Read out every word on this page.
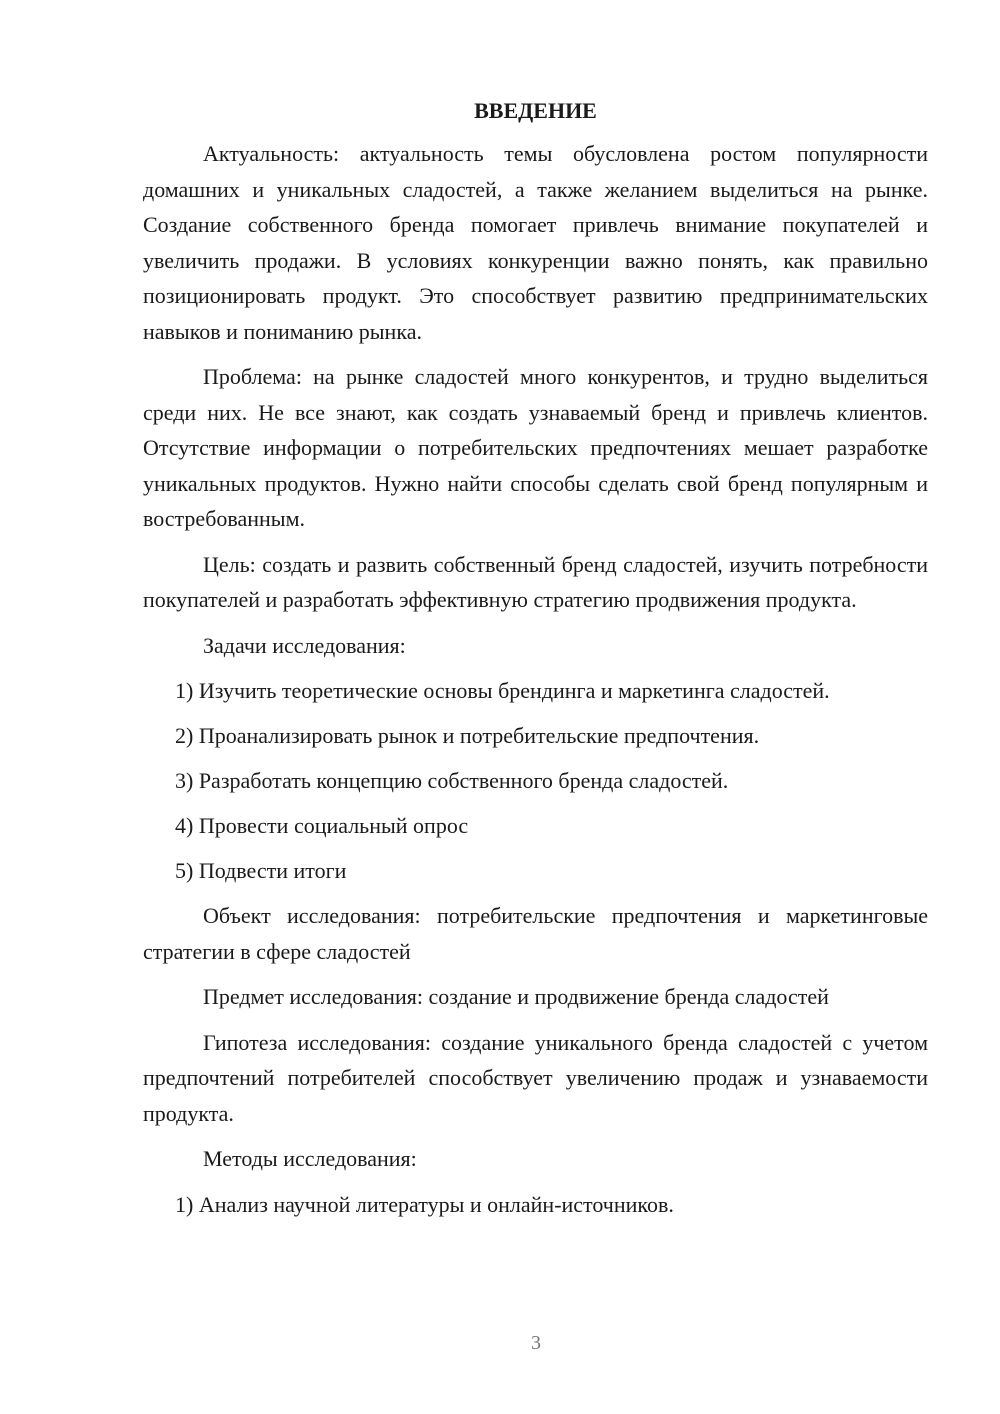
ВВЕДЕНИЕ

Актуальность: актуальность темы обусловлена ростом популярности домашних и уникальных сладостей, а также желанием выделиться на рынке. Создание собственного бренда помогает привлечь внимание покупателей и увеличить продажи. В условиях конкуренции важно понять, как правильно позиционировать продукт. Это способствует развитию предпринимательских навыков и пониманию рынка.

Проблема: на рынке сладостей много конкурентов, и трудно выделиться среди них. Не все знают, как создать узнаваемый бренд и привлечь клиентов. Отсутствие информации о потребительских предпочтениях мешает разработке уникальных продуктов. Нужно найти способы сделать свой бренд популярным и востребованным.

Цель: создать и развить собственный бренд сладостей, изучить потребности покупателей и разработать эффективную стратегию продвижения продукта.

Задачи исследования:

1) Изучить теоретические основы брендинга и маркетинга сладостей.
2) Проанализировать рынок и потребительские предпочтения.
3) Разработать концепцию собственного бренда сладостей.
4) Провести социальный опрос
5) Подвести итоги

Объект исследования: потребительские предпочтения и маркетинговые стратегии в сфере сладостей

Предмет исследования: создание и продвижение бренда сладостей

Гипотеза исследования: создание уникального бренда сладостей с учетом предпочтений потребителей способствует увеличению продаж и узнаваемости продукта.

Методы исследования:

1) Анализ научной литературы и онлайн-источников.
3
